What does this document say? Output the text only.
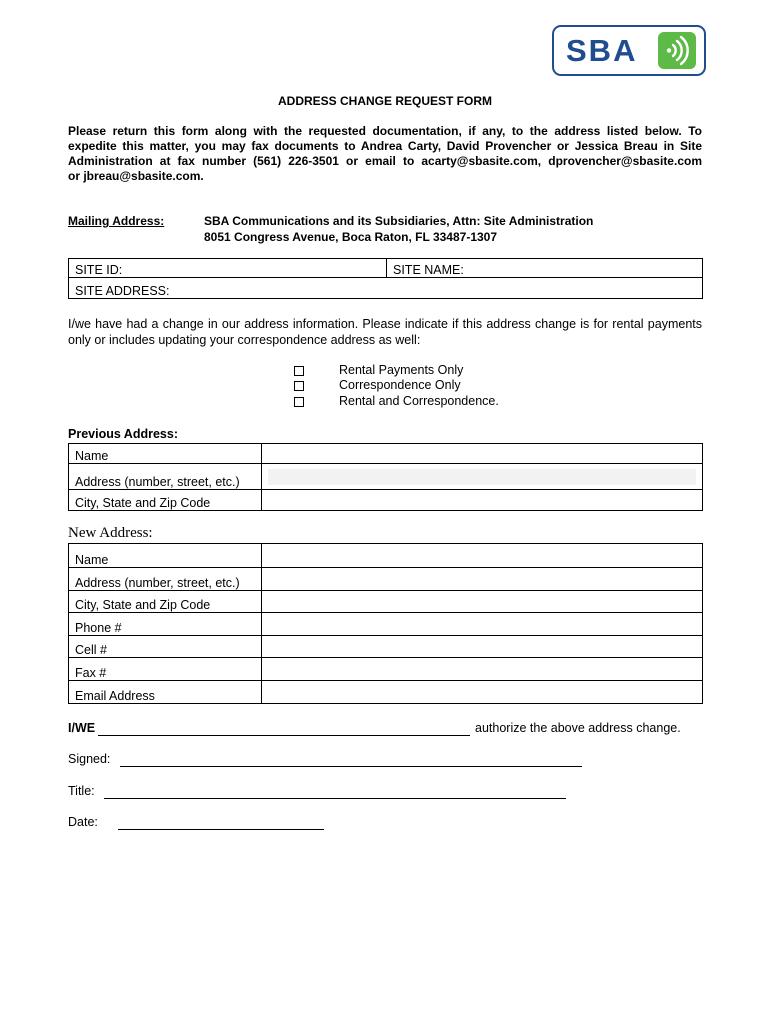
SBA
ADDRESS CHANGE REQUEST FORM
Please return this form along with the requested documentation, if any, to the address listed below. To
expedite this matter, you may fax documents to Andrea Carty, David Provencher or Jessica Breau in Site
Administration at fax number (561) 226-3501 or email to acarty@sbasite.com, dprovencher@sbasite.com
or jbreau@sbasite.com.
Mailing Address:	SBA Communications and its Subsidiaries, Attn: Site Administration
8051 Congress Avenue, Boca Raton, FL 33487-1307
SITE ID:	SITE NAME:
SITE ADDRESS:
I/we have had a change in our address information. Please indicate if this address change is for rental payments only or includes updating your correspondence address as well:
Rental Payments Only
Correspondence Only
Rental and Correspondence.
Previous Address:
Name	
Address (number, street, etc.)	

City, State and Zip Code	
New Address:
Name	
Address (number, street, etc.)	
City, State and Zip Code	
Phone #	
Cell #	
Fax #	
Email Address	
I/WE	authorize the above address change.
Signed:
Title:
Date:
